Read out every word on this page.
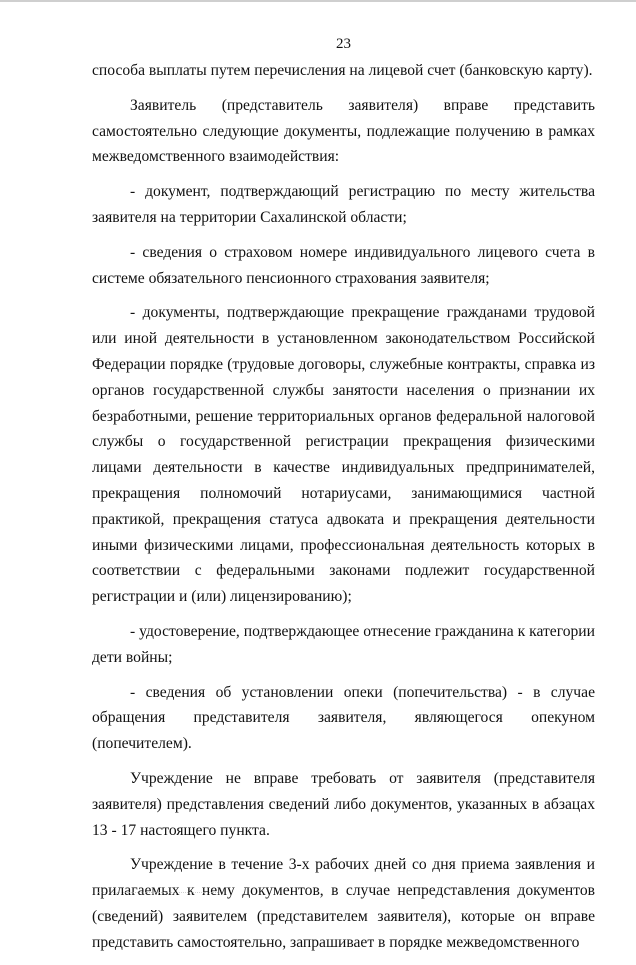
23

способа выплаты путем перечисления на лицевой счет (банковскую карту).

Заявитель (представитель заявителя) вправе представить самостоятельно следующие документы, подлежащие получению в рамках межведомственного взаимодействия:

- документ, подтверждающий регистрацию по месту жительства заявителя на территории Сахалинской области;

- сведения о страховом номере индивидуального лицевого счета в системе обязательного пенсионного страхования заявителя;

- документы, подтверждающие прекращение гражданами трудовой или иной деятельности в установленном законодательством Российской Федерации порядке (трудовые договоры, служебные контракты, справка из органов государственной службы занятости населения о признании их безработными, решение территориальных органов федеральной налоговой службы о государственной регистрации прекращения физическими лицами деятельности в качестве индивидуальных предпринимателей, прекращения полномочий нотариусами, занимающимися частной практикой, прекращения статуса адвоката и прекращения деятельности иными физическими лицами, профессиональная деятельность которых в соответствии с федеральными законами подлежит государственной регистрации и (или) лицензированию);

- удостоверение, подтверждающее отнесение гражданина к категории дети войны;

- сведения об установлении опеки (попечительства) - в случае обращения представителя заявителя, являющегося опекуном (попечителем).

Учреждение не вправе требовать от заявителя (представителя заявителя) представления сведений либо документов, указанных в абзацах 13 - 17 настоящего пункта.

Учреждение в течение 3-х рабочих дней со дня приема заявления и прилагаемых к нему документов, в случае непредставления документов (сведений) заявителем (представителем заявителя), которые он вправе представить самостоятельно, запрашивает в порядке межведомственного
